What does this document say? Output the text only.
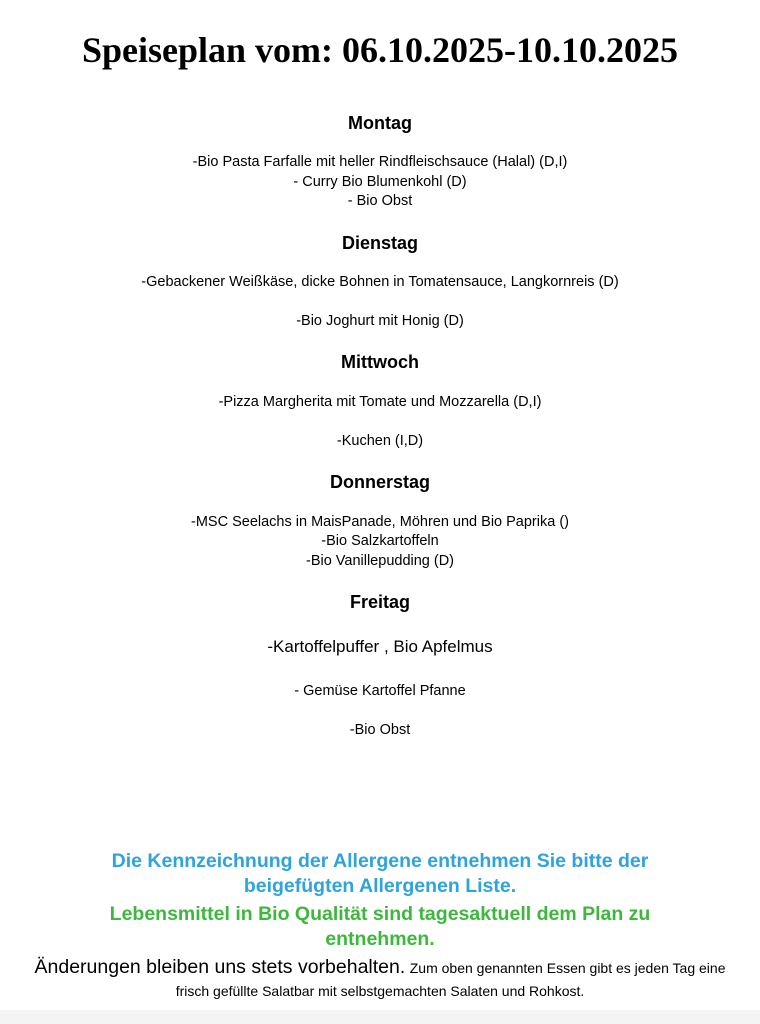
Speiseplan vom: 06.10.2025-10.10.2025
Montag
-Bio Pasta Farfalle mit heller Rindfleischsauce (Halal) (D,I)
- Curry Bio Blumenkohl (D)
- Bio Obst
Dienstag
-Gebackener Weißkäse, dicke Bohnen in Tomatensauce, Langkornreis (D)
-Bio Joghurt mit Honig (D)
Mittwoch
-Pizza Margherita mit Tomate und Mozzarella (D,I)
-Kuchen (I,D)
Donnerstag
-MSC Seelachs in MaisPanade, Möhren und Bio Paprika ()
-Bio Salzkartoffeln
-Bio Vanillepudding (D)
Freitag
-Kartoffelpuffer , Bio Apfelmus
- Gemüse Kartoffel Pfanne
-Bio Obst
Die Kennzeichnung der Allergene entnehmen Sie bitte der
beigefügten Allergenen Liste.
Lebensmittel in Bio Qualität sind tagesaktuell dem Plan zu
entnehmen.
Änderungen bleiben uns stets vorbehalten. Zum oben genannten Essen gibt es jeden Tag eine frisch gefüllte Salatbar mit selbstgemachten Salaten und Rohkost.
